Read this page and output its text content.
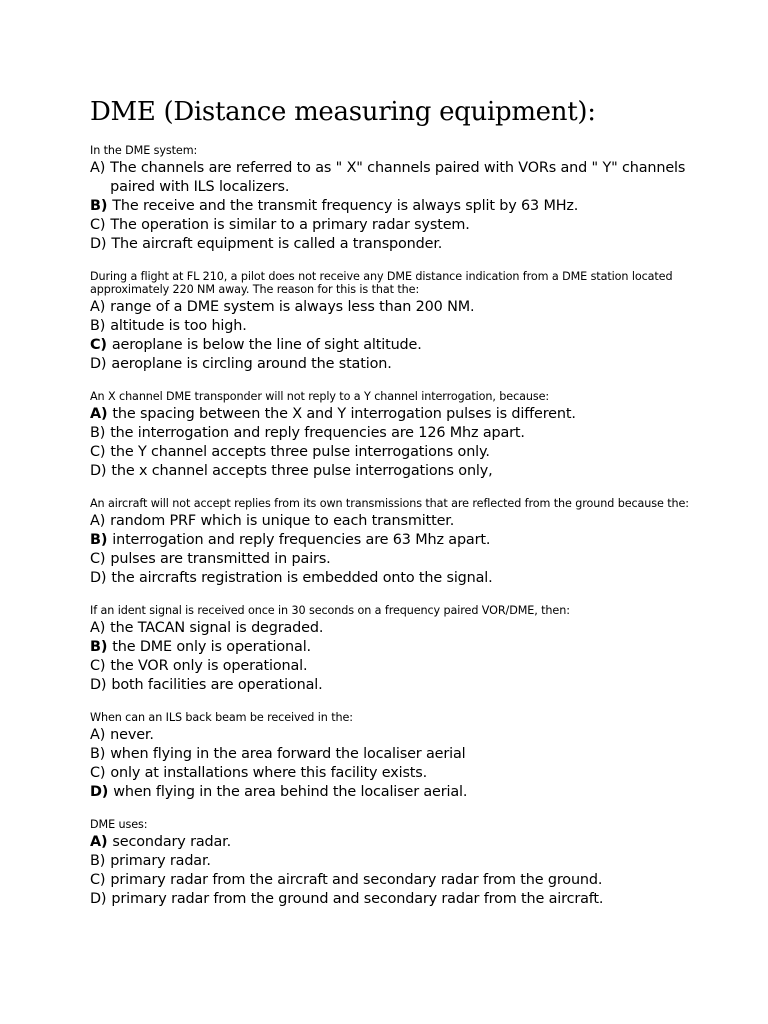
DME (Distance measuring equipment):

In the DME system:

A) The channels are referred to as " X" channels paired with VORs and " Y" channels paired with ILS localizers.
B) The receive and the transmit frequency is always split by 63 MHz.
C) The operation is similar to a primary radar system.
D) The aircraft equipment is called a transponder.

During a flight at FL 210, a pilot does not receive any DME distance indication from a DME station located approximately 220 NM away. The reason for this is that the:

A) range of a DME system is always less than 200 NM.
B) altitude is too high.
C) aeroplane is below the line of sight altitude.
D) aeroplane is circling around the station.

An X channel DME transponder will not reply to a Y channel interrogation, because:

A) the spacing between the X and Y interrogation pulses is different.
B) the interrogation and reply frequencies are 126 Mhz apart.
C) the Y channel accepts three pulse interrogations only.
D) the x channel accepts three pulse interrogations only,

An aircraft will not accept replies from its own transmissions that are reflected from the ground because the:

A) random PRF which is unique to each transmitter.
B) interrogation and reply frequencies are 63 Mhz apart.
C) pulses are transmitted in pairs.
D) the aircrafts registration is embedded onto the signal.

If an ident signal is received once in 30 seconds on a frequency paired VOR/DME, then:

A) the TACAN signal is degraded.
B) the DME only is operational.
C) the VOR only is operational.
D) both facilities are operational.

When can an ILS back beam be received in the:

A) never.
B) when flying in the area forward the localiser aerial
C) only at installations where this facility exists.
D) when flying in the area behind the localiser aerial.

DME uses:

A) secondary radar.
B) primary radar.
C) primary radar from the aircraft and secondary radar from the ground.
D) primary radar from the ground and secondary radar from the aircraft.
